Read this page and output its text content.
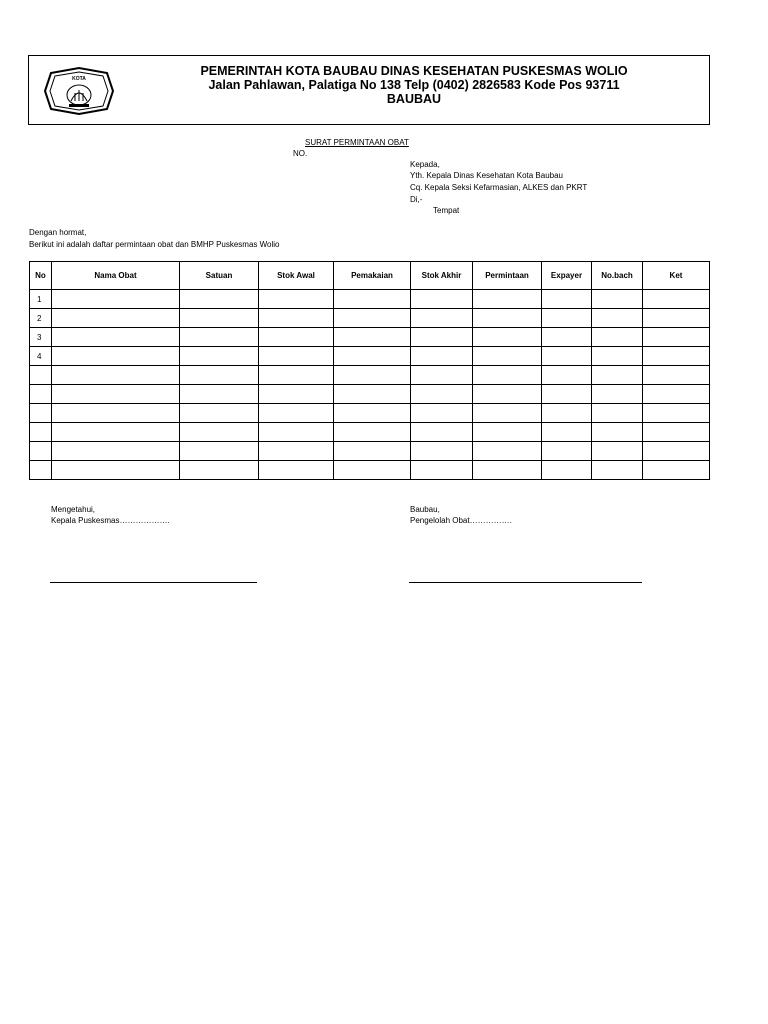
KOTA
PEMERINTAH KOTA BAUBAU DINAS KESEHATAN PUSKESMAS WOLIO
Jalan Pahlawan, Palatiga No 138 Telp (0402) 2826583 Kode Pos 93711
BAUBAU
SURAT PERMINTAAN OBAT
NO.
Kepada,
Yth. Kepala Dinas Kesehatan Kota Baubau
Cq. Kepala Seksi Kefarmasian, ALKES dan PKRT
Di,-
Tempat
Dengan hormat,
Berikut ini adalah daftar permintaan obat dan BMHP Puskesmas Wolio
No	Nama Obat	Satuan	Stok Awal	Pemakaian	Stok Akhir	Permintaan	Expayer	No.bach	Ket
1									
2									
3									
4									

Mengetahui,
Kepala Puskesmas……………….
Baubau,
Pengelolah Obat…………….
